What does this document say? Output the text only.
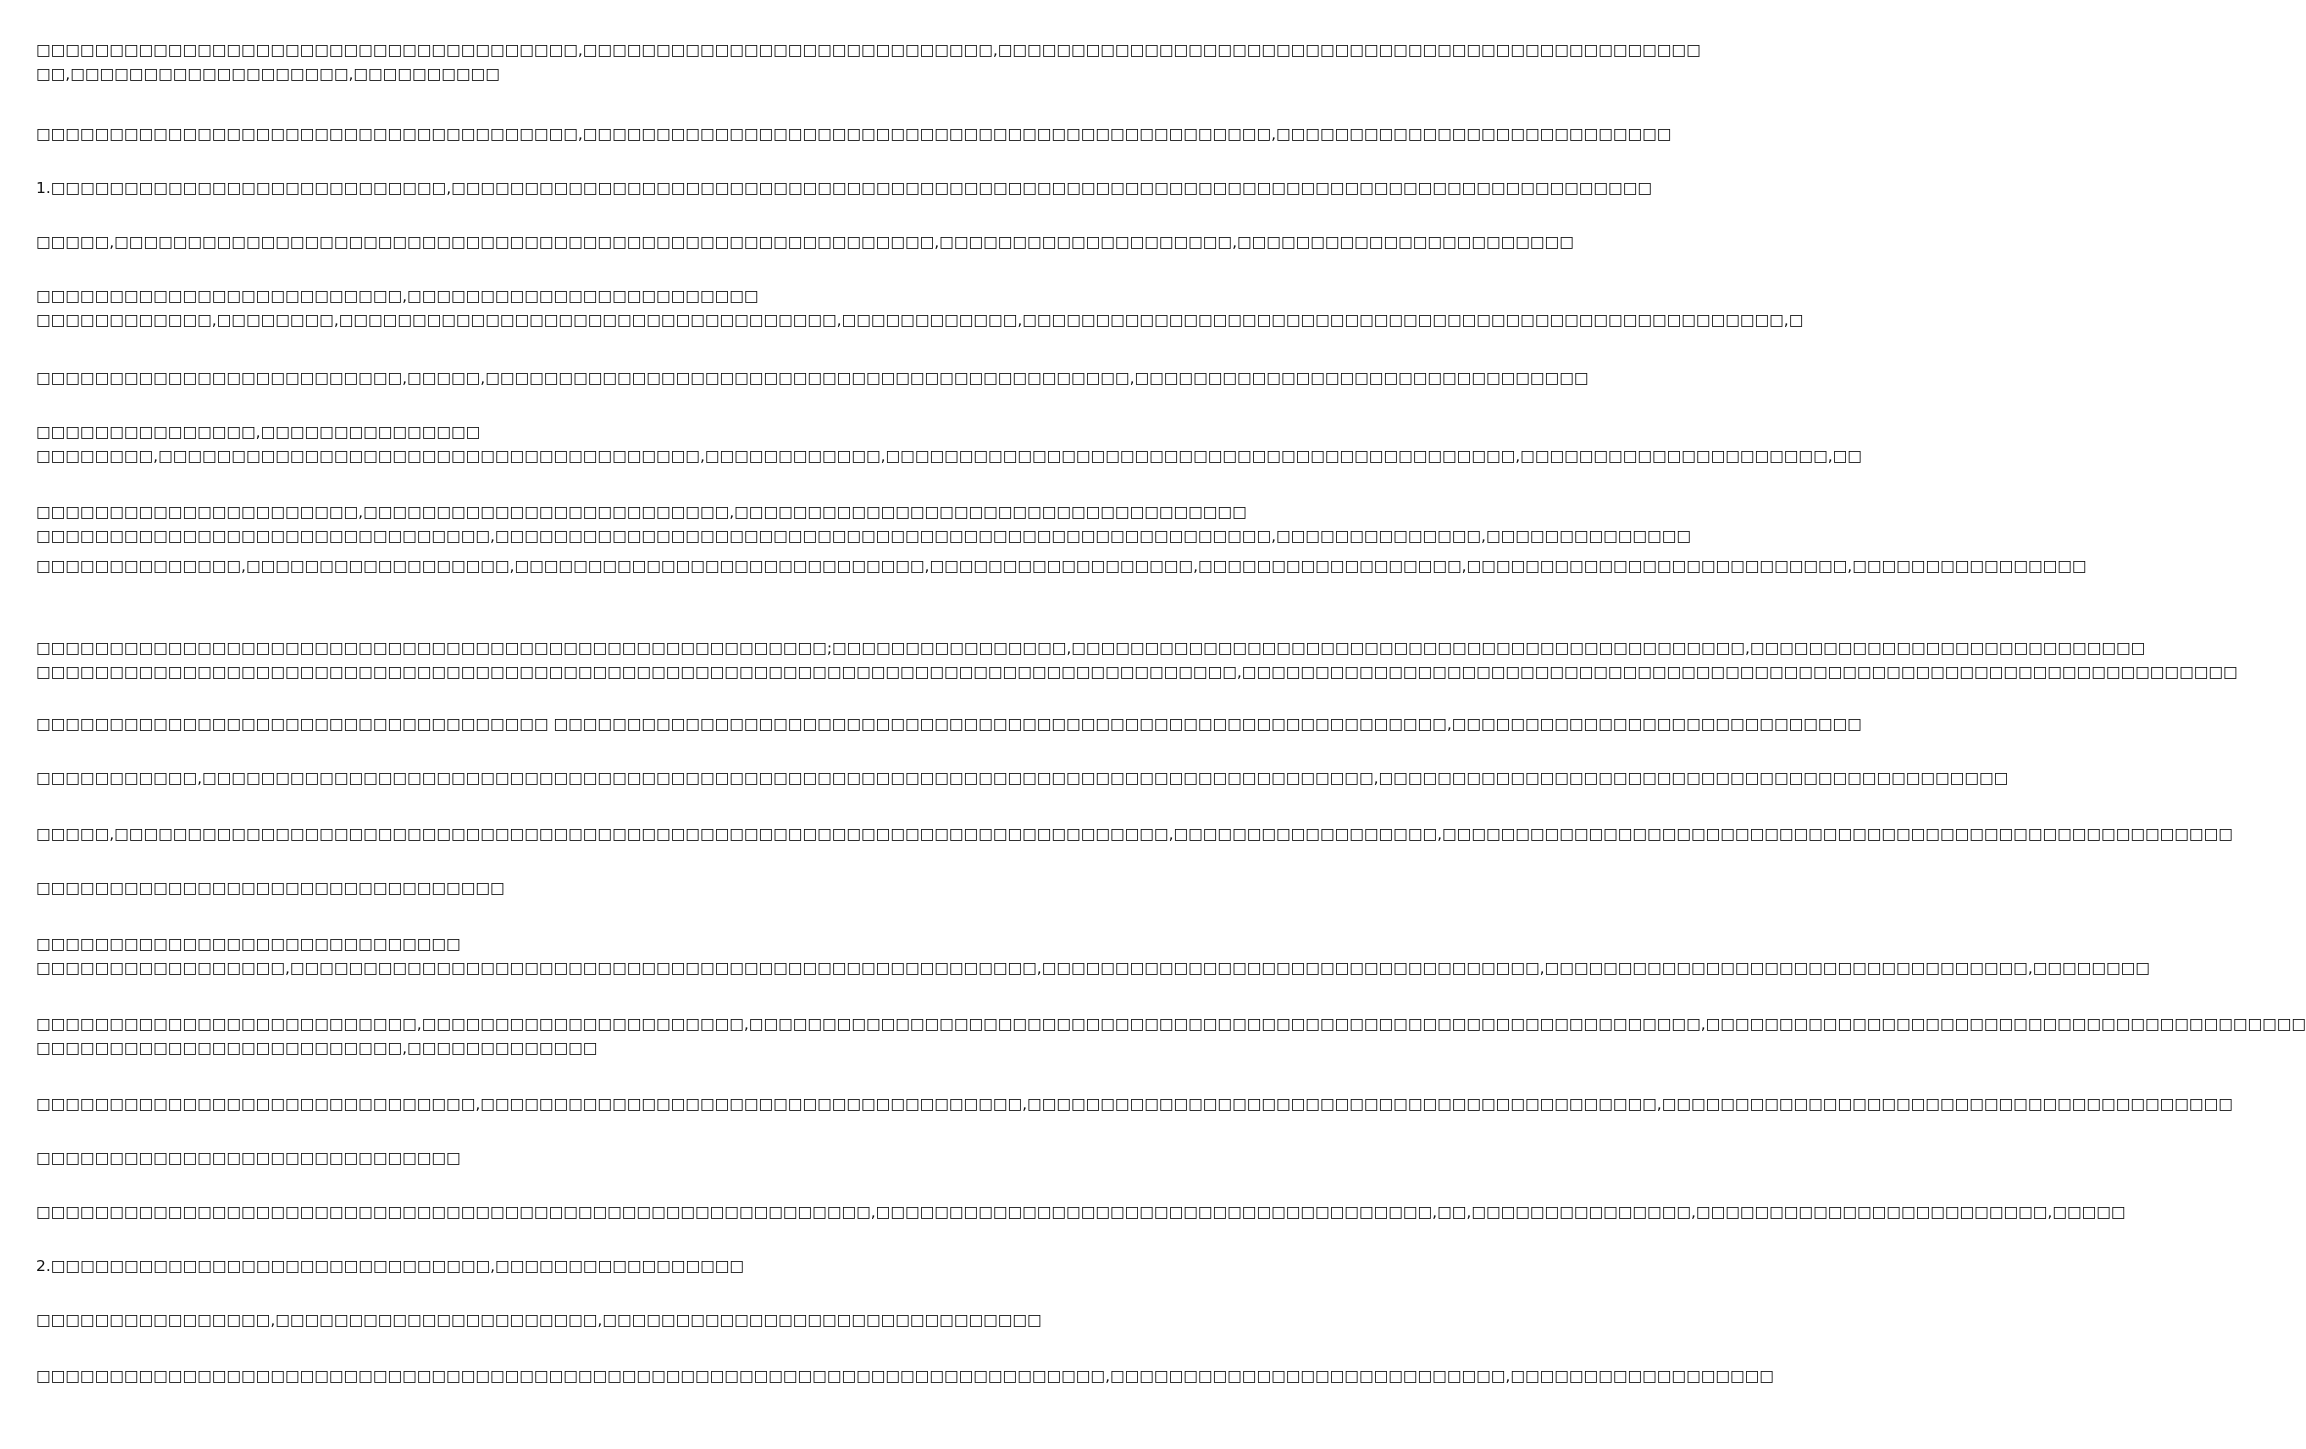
□□□□□□□□□□□□□□□□□□□□□□□□□□□□□□□□□□□□□,□□□□□□□□□□□□□□□□□□□□□□□□□□□□,□□□□□□□□□□□□□□□□□□□□□□□□□□□□□□□□□□□□□□□□□□□□□□□□
□□,□□□□□□□□□□□□□□□□□□□,□□□□□□□□□□
□□□□□□□□□□□□□□□□□□□□□□□□□□□□□□□□□□□□□,□□□□□□□□□□□□□□□□□□□□□□□□□□□□□□□□□□□□□□□□□□□□□□□,□□□□□□□□□□□□□□□□□□□□□□□□□□□
1.□□□□□□□□□□□□□□□□□□□□□□□□□□□,□□□□□□□□□□□□□□□□□□□□□□□□□□□□□□□□□□□□□□□□□□□□□□□□□□□□□□□□□□□□□□□□□□□□□□□□□□□□□□□□□□
□□□□□,□□□□□□□□□□□□□□□□□□□□□□□□□□□□□□□□□□□□□□□□□□□□□□□□□□□□□□□□,□□□□□□□□□□□□□□□□□□□□,□□□□□□□□□□□□□□□□□□□□□□□
□□□□□□□□□□□□□□□□□□□□□□□□□,□□□□□□□□□□□□□□□□□□□□□□□□
□□□□□□□□□□□□,□□□□□□□□,□□□□□□□□□□□□□□□□□□□□□□□□□□□□□□□□□□,□□□□□□□□□□□□,□□□□□□□□□□□□□□□□□□□□□□□□□□□□□□□□□□□□□□□□□□□□□□□□□□□□,□
□□□□□□□□□□□□□□□□□□□□□□□□□,□□□□□,□□□□□□□□□□□□□□□□□□□□□□□□□□□□□□□□□□□□□□□□□□□□,□□□□□□□□□□□□□□□□□□□□□□□□□□□□□□□
□□□□□□□□□□□□□□□,□□□□□□□□□□□□□□□
□□□□□□□□,□□□□□□□□□□□□□□□□□□□□□□□□□□□□□□□□□□□□□,□□□□□□□□□□□□,□□□□□□□□□□□□□□□□□□□□□□□□□□□□□□□□□□□□□□□□□□□,□□□□□□□□□□□□□□□□□□□□□,□□
□□□□□□□□□□□□□□□□□□□□□□,□□□□□□□□□□□□□□□□□□□□□□□□□,□□□□□□□□□□□□□□□□□□□□□□□□□□□□□□□□□□□
□□□□□□□□□□□□□□□□□□□□□□□□□□□□□□□,□□□□□□□□□□□□□□□□□□□□□□□□□□□□□□□□□□□□□□□□□□□□□□□□□□□□□,□□□□□□□□□□□□□□,□□□□□□□□□□□□□□
□□□□□□□□□□□□□□,□□□□□□□□□□□□□□□□□□,□□□□□□□□□□□□□□□□□□□□□□□□□□□□,□□□□□□□□□□□□□□□□□□,□□□□□□□□□□□□□□□□□□,□□□□□□□□□□□□□□□□□□□□□□□□□□,□□□□□□□□□□□□□□□□
□□□□□□□□□□□□□□□□□□□□□□□□□□□□□□□□□□□□□□□□□□□□□□□□□□□□□□;□□□□□□□□□□□□□□□□,□□□□□□□□□□□□□□□□□□□□□□□□□□□□□□□□□□□□□□□□□□□□□□,□□□□□□□□□□□□□□□□□□□□□□□□□□□
□□□□□□□□□□□□□□□□□□□□□□□□□□□□□□□□□□□□□□□□□□□□□□□□□□□□□□□□□□□□□□□□□□□□□□□□□□□□□□□□□□,□□□□□□□□□□□□□□□□□□□□□□□□□□□□□□□□□□□□□□□□□□□□□□□□□□□□□□□□□□□□□□□□□□□□
□□□□□□□□□□□□□□□□□□□□□□□□□□□□□□□□□□□ □□□□□□□□□□□□□□□□□□□□□□□□□□□□□□□□□□□□□□□□□□□□□□□□□□□□□□□□□□□□□,□□□□□□□□□□□□□□□□□□□□□□□□□□□□
□□□□□□□□□□□,□□□□□□□□□□□□□□□□□□□□□□□□□□□□□□□□□□□□□□□□□□□□□□□□□□□□□□□□□□□□□□□□□□□□□□□□□□□□□□□□,□□□□□□□□□□□□□□□□□□□□□□□□□□□□□□□□□□□□□□□□□□□
□□□□□,□□□□□□□□□□□□□□□□□□□□□□□□□□□□□□□□□□□□□□□□□□□□□□□□□□□□□□□□□□□□□□□□□□□□□□□□,□□□□□□□□□□□□□□□□□□,□□□□□□□□□□□□□□□□□□□□□□□□□□□□□□□□□□□□□□□□□□□□□□□□□□□□□□
□□□□□□□□□□□□□□□□□□□□□□□□□□□□□□□□
□□□□□□□□□□□□□□□□□□□□□□□□□□□□□
□□□□□□□□□□□□□□□□□,□□□□□□□□□□□□□□□□□□□□□□□□□□□□□□□□□□□□□□□□□□□□□□□□□□□,□□□□□□□□□□□□□□□□□□□□□□□□□□□□□□□□□□,□□□□□□□□□□□□□□□□□□□□□□□□□□□□□□□□□,□□□□□□□□
□□□□□□□□□□□□□□□□□□□□□□□□□□,□□□□□□□□□□□□□□□□□□□□□□,□□□□□□□□□□□□□□□□□□□□□□□□□□□□□□□□□□□□□□□□□□□□□□□□□□□□□□□□□□□□□□□□□,□□□□□□□□□□□□□□□□□□□□□□□□□□□□□□□□□□□□□□□□□
□□□□□□□□□□□□□□□□□□□□□□□□□,□□□□□□□□□□□□□
□□□□□□□□□□□□□□□□□□□□□□□□□□□□□□,□□□□□□□□□□□□□□□□□□□□□□□□□□□□□□□□□□□□□,□□□□□□□□□□□□□□□□□□□□□□□□□□□□□□□□□□□□□□□□□□□,□□□□□□□□□□□□□□□□□□□□□□□□□□□□□□□□□□□□□□□
□□□□□□□□□□□□□□□□□□□□□□□□□□□□□
□□□□□□□□□□□□□□□□□□□□□□□□□□□□□□□□□□□□□□□□□□□□□□□□□□□□□□□□□,□□□□□□□□□□□□□□□□□□□□□□□□□□□□□□□□□□□□□□,□□,□□□□□□□□□□□□□□□,□□□□□□□□□□□□□□□□□□□□□□□□,□□□□□
2.□□□□□□□□□□□□□□□□□□□□□□□□□□□□□□,□□□□□□□□□□□□□□□□□
□□□□□□□□□□□□□□□□,□□□□□□□□□□□□□□□□□□□□□□,□□□□□□□□□□□□□□□□□□□□□□□□□□□□□□
□□□□□□□□□□□□□□□□□□□□□□□□□□□□□□□□□□□□□□□□□□□□□□□□□□□□□□□□□□□□□□□□□□□□□□□□□,□□□□□□□□□□□□□□□□□□□□□□□□□□□,□□□□□□□□□□□□□□□□□□
